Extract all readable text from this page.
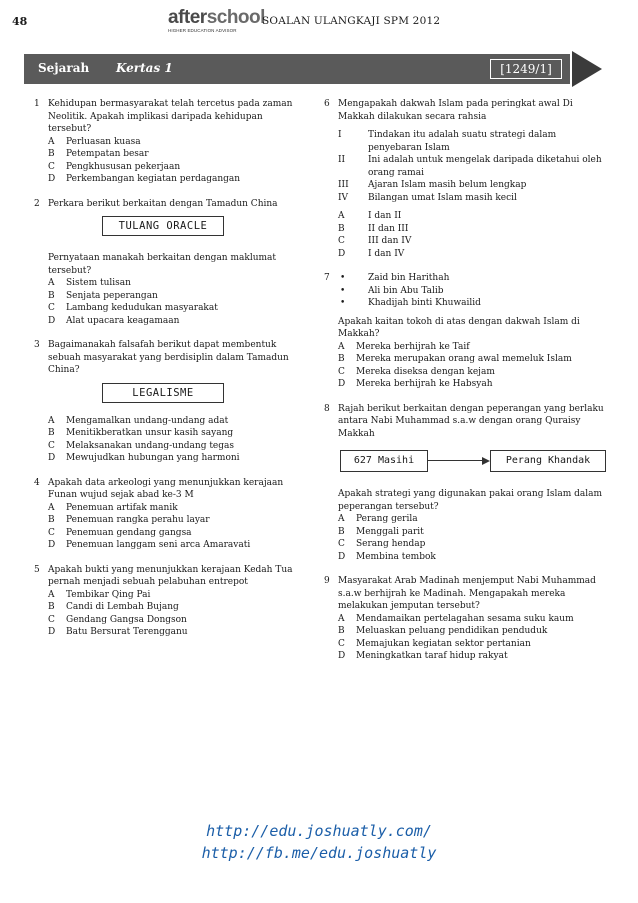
48	afterschool
HIGHER EDUCATION ADVISOR
SOALAN ULANGKAJI SPM 2012
Sejarah Kertas 1	[1249/1]
1 Kehidupan bermasyarakat telah tercetus pada zaman Neolitik. Apakah implikasi daripada kehidupan tersebut?
A Perluasan kuasa
B Petempatan besar
C Pengkhususan pekerjaan
D Perkembangan kegiatan perdagangan
2 Perkara berikut berkaitan dengan Tamadun China
TULANG ORACLE
Pernyataan manakah berkaitan dengan maklumat tersebut?
A Sistem tulisan
B Senjata peperangan
C Lambang kedudukan masyarakat
D Alat upacara keagamaan
3 Bagaimanakah falsafah berikut dapat membentuk sebuah masyarakat yang berdisiplin dalam Tamadun China?
LEGALISME
A Mengamalkan undang-undang adat
B Menitikberatkan unsur kasih sayang
C Melaksanakan undang-undang tegas
D Mewujudkan hubungan yang harmoni
4 Apakah data arkeologi yang menunjukkan kerajaan Funan wujud sejak abad ke-3 M
A Penemuan artifak manik
B Penemuan rangka perahu layar
C Penemuan gendang gangsa
D Penemuan langgam seni arca Amaravati
5 Apakah bukti yang menunjukkan kerajaan Kedah Tua pernah menjadi sebuah pelabuhan entrepot
A Tembikar Qing Pai
B Candi di Lembah Bujang
C Gendang Gangsa Dongson
D Batu Bersurat Terengganu
6 Mengapakah dakwah Islam pada peringkat awal Di Makkah dilakukan secara rahsia
I	Tindakan itu adalah suatu strategi dalam penyebaran Islam
II	Ini adalah untuk mengelak daripada diketahui oleh orang ramai
III Ajaran Islam masih belum lengkap
IV Bilangan umat Islam masih kecil
A	I dan II
B	II dan III
C	III dan IV
D	I dan IV
7 •	Zaid bin Harithah
•	Ali bin Abu Talib
•	Khadijah binti Khuwailid
Apakah kaitan tokoh di atas dengan dakwah Islam di Makkah?
A Mereka berhijrah ke Taif
B Mereka merupakan orang awal memeluk Islam
C Mereka diseksa dengan kejam
D Mereka berhijrah ke Habsyah
8 Rajah berikut berkaitan dengan peperangan yang berlaku antara Nabi Muhammad s.a.w dengan orang Quraisy Makkah
627 Masihi	Perang Khandak
Apakah strategi yang digunakan pakai orang Islam dalam peperangan tersebut?
A Perang gerila
B Menggali parit
C Serang hendap
D Membina tembok
9 Masyarakat Arab Madinah menjemput Nabi Muhammad s.a.w berhijrah ke Madinah. Mengapakah mereka melakukan jemputan tersebut?
A Mendamaikan pertelagahan sesama suku kaum
B Meluaskan peluang pendidikan penduduk
C Memajukan kegiatan sektor pertanian
D Meningkatkan taraf hidup rakyat
http://edu.joshuatly.com/
http://fb.me/edu.joshuatly
